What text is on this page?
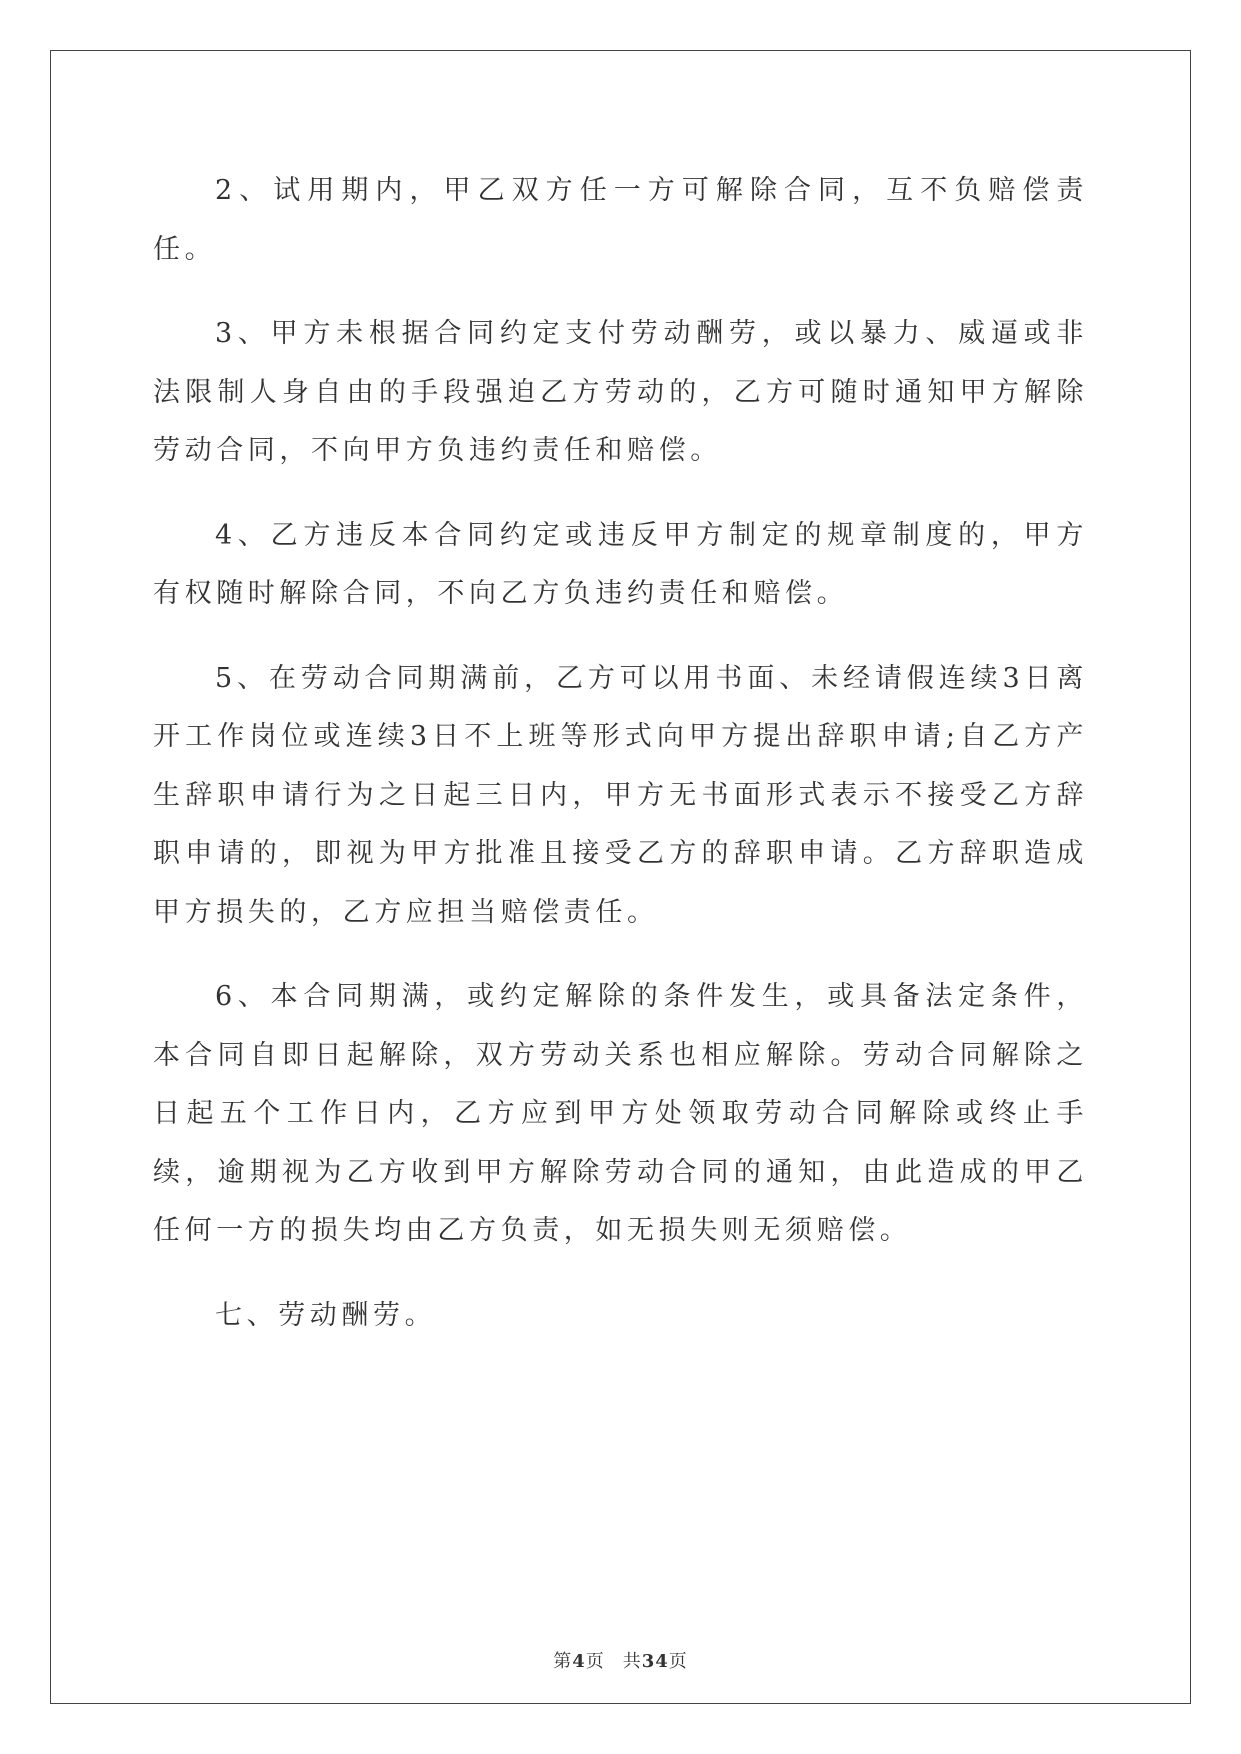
2、试用期内，甲乙双方任一方可解除合同，互不负赔偿责任。

3、甲方未根据合同约定支付劳动酬劳，或以暴力、威逼或非法限制人身自由的手段强迫乙方劳动的，乙方可随时通知甲方解除劳动合同，不向甲方负违约责任和赔偿。

4、乙方违反本合同约定或违反甲方制定的规章制度的，甲方有权随时解除合同，不向乙方负违约责任和赔偿。

5、在劳动合同期满前，乙方可以用书面、未经请假连续3日离开工作岗位或连续3日不上班等形式向甲方提出辞职申请;自乙方产生辞职申请行为之日起三日内，甲方无书面形式表示不接受乙方辞职申请的，即视为甲方批准且接受乙方的辞职申请。乙方辞职造成甲方损失的，乙方应担当赔偿责任。

6、本合同期满，或约定解除的条件发生，或具备法定条件，本合同自即日起解除，双方劳动关系也相应解除。劳动合同解除之日起五个工作日内，乙方应到甲方处领取劳动合同解除或终止手续，逾期视为乙方收到甲方解除劳动合同的通知，由此造成的甲乙任何一方的损失均由乙方负责，如无损失则无须赔偿。

七、劳动酬劳。

第4页 共34页
